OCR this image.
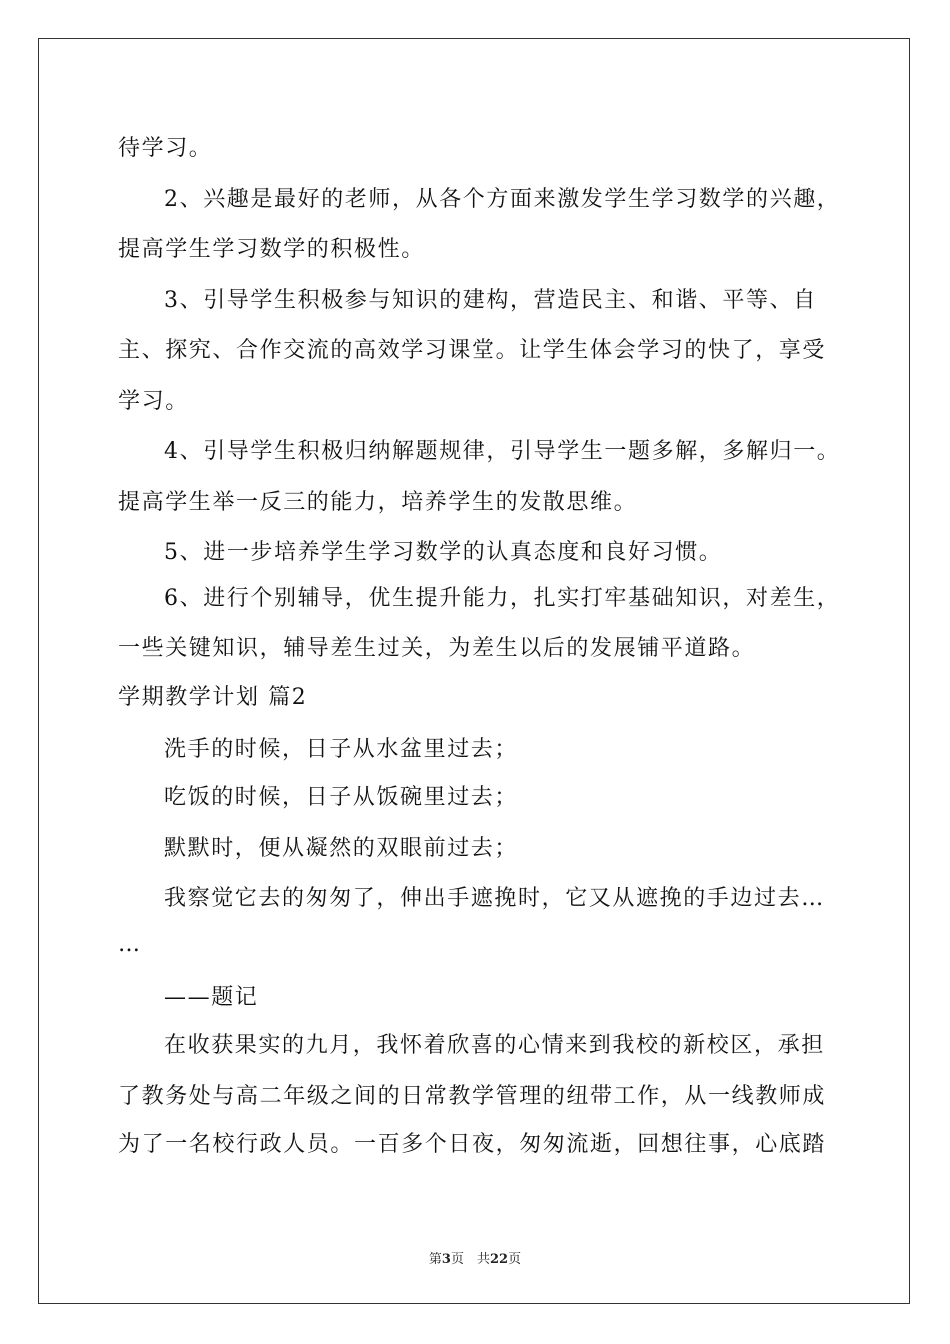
待学习。
2、兴趣是最好的老师，从各个方面来激发学生学习数学的兴趣，
提高学生学习数学的积极性。
3、引导学生积极参与知识的建构，营造民主、和谐、平等、自
主、探究、合作交流的高效学习课堂。让学生体会学习的快了，享受
学习。
4、引导学生积极归纳解题规律，引导学生一题多解，多解归一。
提高学生举一反三的能力，培养学生的发散思维。
5、进一步培养学生学习数学的认真态度和良好习惯。
6、进行个别辅导，优生提升能力，扎实打牢基础知识，对差生，
一些关键知识，辅导差生过关，为差生以后的发展铺平道路。
学期教学计划 篇2
洗手的时候，日子从水盆里过去；
吃饭的时候，日子从饭碗里过去；
默默时，便从凝然的双眼前过去；
我察觉它去的匆匆了，伸出手遮挽时，它又从遮挽的手边过去…
…
——题记
在收获果实的九月，我怀着欣喜的心情来到我校的新校区，承担
了教务处与高二年级之间的日常教学管理的纽带工作，从一线教师成
为了一名校行政人员。一百多个日夜，匆匆流逝，回想往事，心底踏
第3页　共22页
